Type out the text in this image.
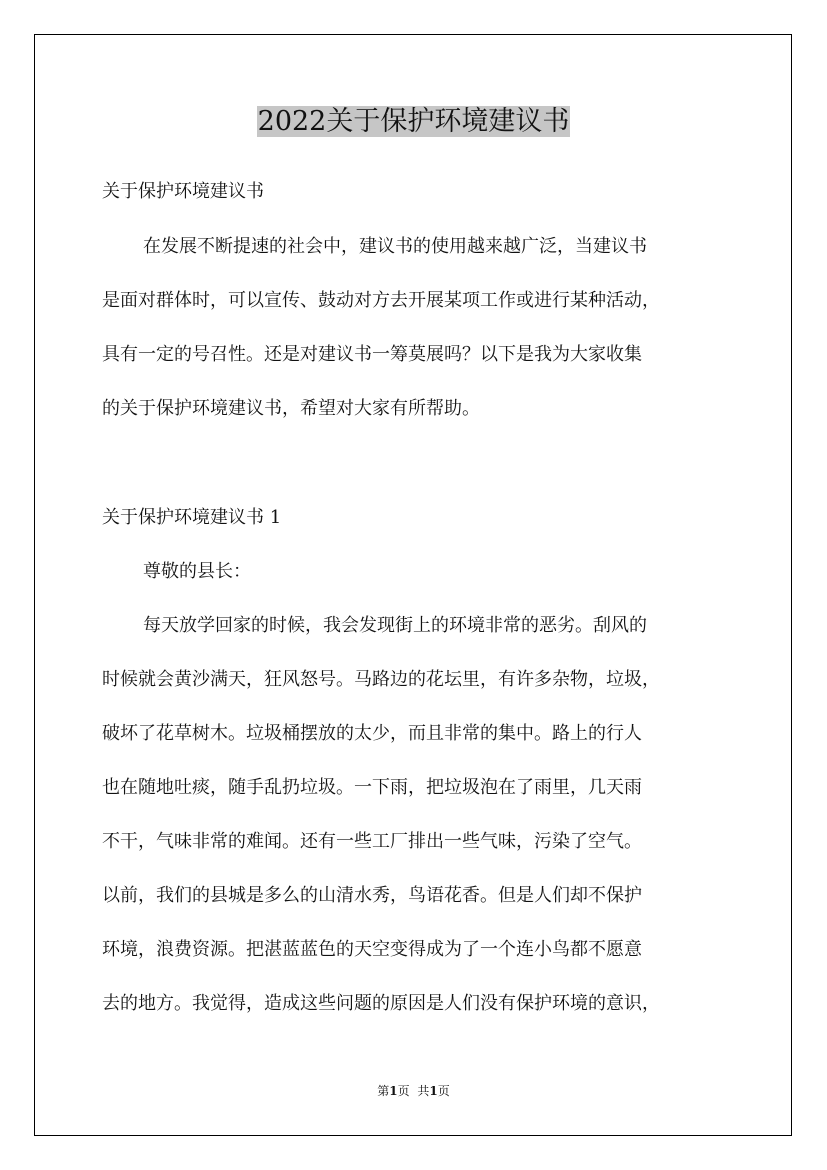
2022关于保护环境建议书

关于保护环境建议书

在发展不断提速的社会中，建议书的使用越来越广泛，当建议书

是面对群体时，可以宣传、鼓动对方去开展某项工作或进行某种活动，

具有一定的号召性。还是对建议书一筹莫展吗？以下是我为大家收集

的关于保护环境建议书，希望对大家有所帮助。

关于保护环境建议书 1

尊敬的县长：

每天放学回家的时候，我会发现街上的环境非常的恶劣。刮风的

时候就会黄沙满天，狂风怒号。马路边的花坛里，有许多杂物，垃圾，

破坏了花草树木。垃圾桶摆放的太少，而且非常的集中。路上的行人

也在随地吐痰，随手乱扔垃圾。一下雨，把垃圾泡在了雨里，几天雨

不干，气味非常的难闻。还有一些工厂排出一些气味，污染了空气。

以前，我们的县城是多么的山清水秀，鸟语花香。但是人们却不保护

环境，浪费资源。把湛蓝蓝色的天空变得成为了一个连小鸟都不愿意

去的地方。我觉得，造成这些问题的原因是人们没有保护环境的意识，

第1页 共1页
